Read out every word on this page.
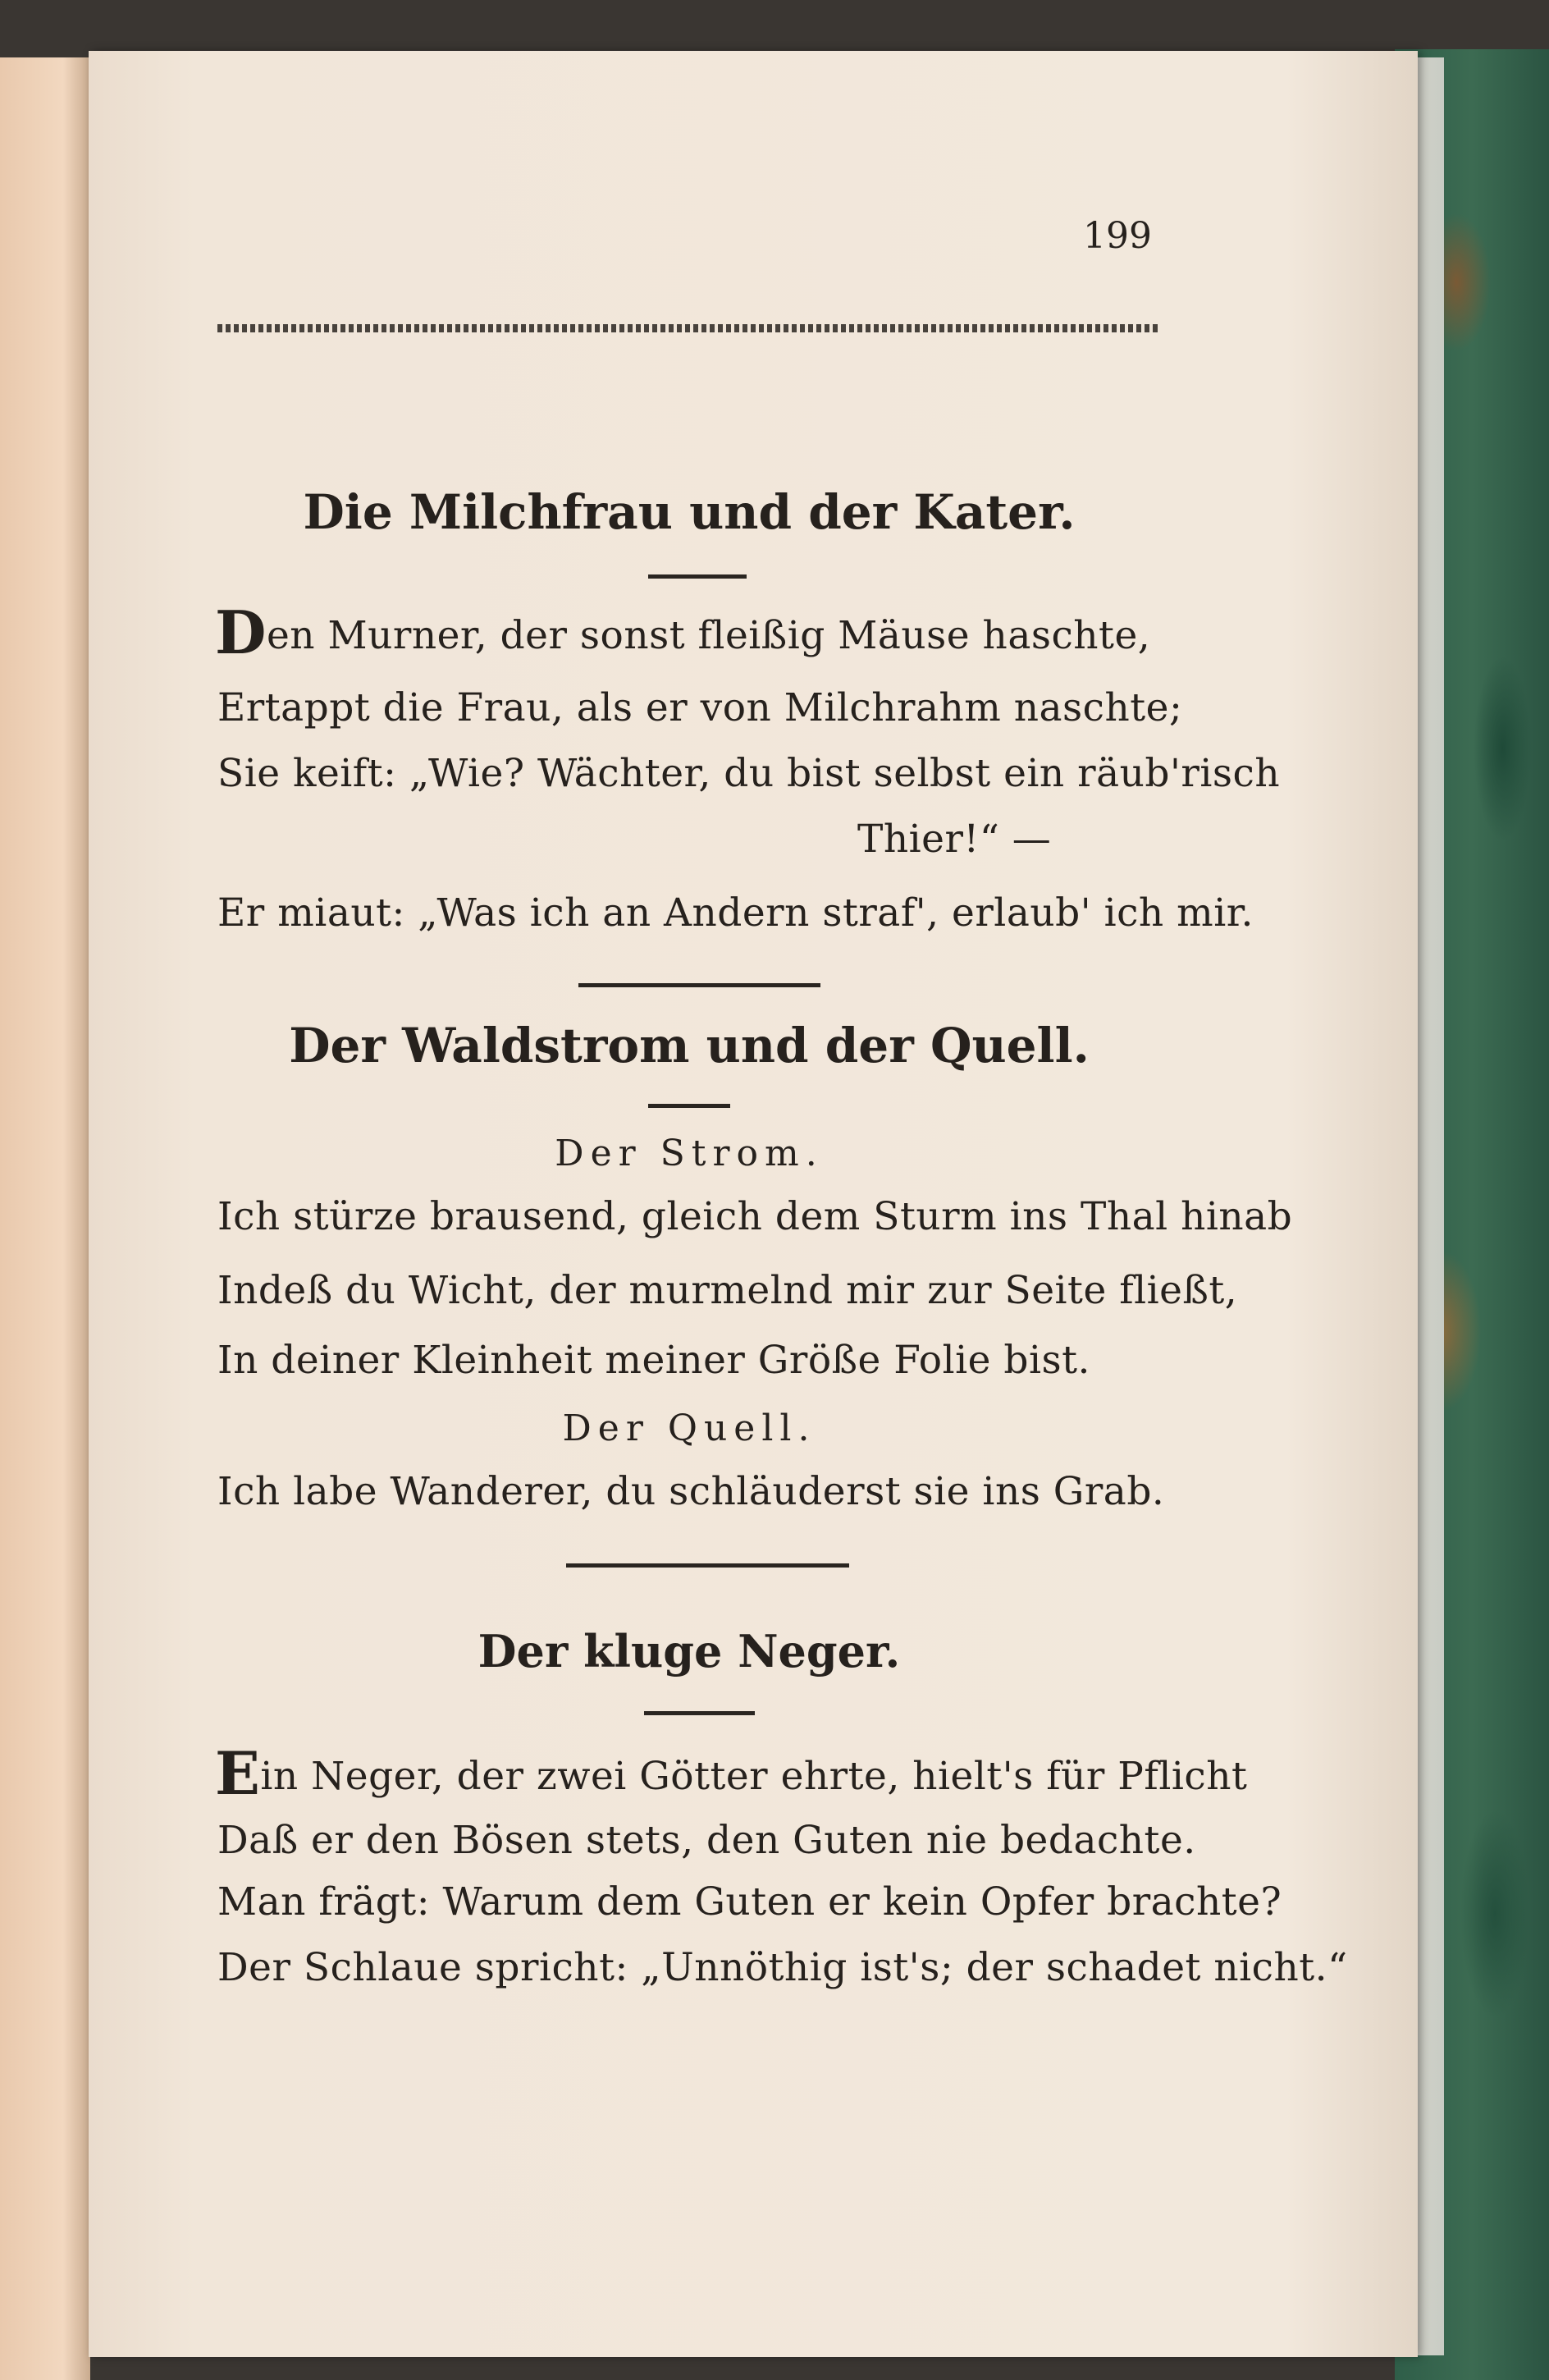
199
Die Milchfrau und der Kater.
Den Murner, der sonst fleißig Mäuse haschte,
Ertappt die Frau, als er von Milchrahm naschte;
Sie keift: „Wie? Wächter, du bist selbst ein räub'risch
Thier!“ —
Er miaut: „Was ich an Andern straf', erlaub' ich mir.
Der Waldstrom und der Quell.
Der Strom.
Ich stürze brausend, gleich dem Sturm ins Thal hinab
Indeß du Wicht, der murmelnd mir zur Seite fließt,
In deiner Kleinheit meiner Größe Folie bist.
Der Quell.
Ich labe Wanderer, du schläuderst sie ins Grab.
Der kluge Neger.
Ein Neger, der zwei Götter ehrte, hielt's für Pflicht
Daß er den Bösen stets, den Guten nie bedachte.
Man frägt: Warum dem Guten er kein Opfer brachte?
Der Schlaue spricht: „Unnöthig ist's; der schadet nicht.“
